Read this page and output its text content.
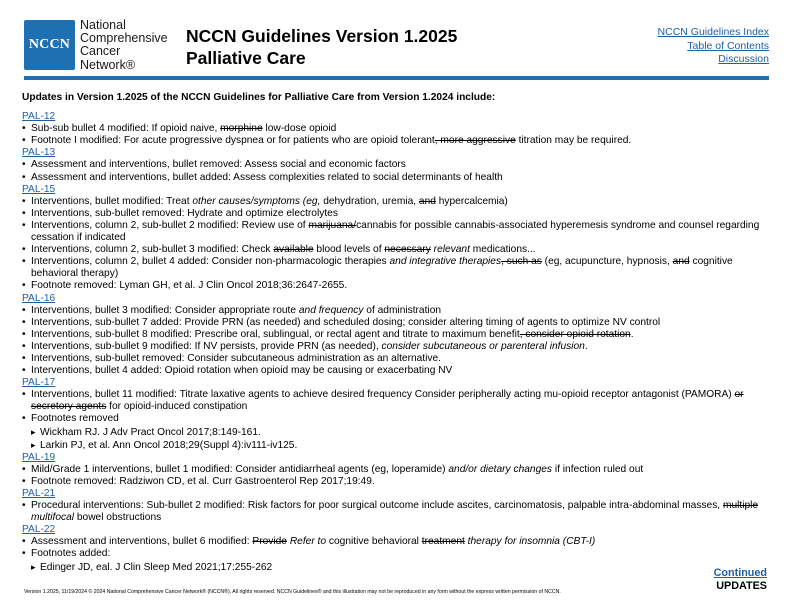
NCCN
National
Comprehensive
Cancer
Network®
NCCN Guidelines Version 1.2025
Palliative Care
NCCN Guidelines Index
Table of Contents
Discussion
Updates in Version 1.2025 of the NCCN Guidelines for Palliative Care from Version 1.2024 include:
PAL-12
• Sub-sub bullet 4 modified: If opioid naive, morphine low-dose opioid
• Footnote I modified: For acute progressive dyspnea or for patients who are opioid tolerant, more aggressive titration may be required.
PAL-13
• Assessment and interventions, bullet removed: Assess social and economic factors
• Assessment and interventions, bullet added: Assess complexities related to social determinants of health
PAL-15
• Interventions, bullet modified: Treat other causes/symptoms (eg, dehydration, uremia, and hypercalcemia)
• Interventions, sub-bullet removed: Hydrate and optimize electrolytes
• Interventions, column 2, sub-bullet 2 modified: Review use of marijuana/cannabis for possible cannabis-associated hyperemesis syndrome and counsel regarding cessation if indicated
• Interventions, column 2, sub-bullet 3 modified: Check available blood levels of necessary relevant medications...
• Interventions, column 2, bullet 4 added: Consider non-pharmacologic therapies and integrative therapies, such as (eg, acupuncture, hypnosis, and cognitive behavioral therapy)
• Footnote removed: Lyman GH, et al. J Clin Oncol 2018;36:2647-2655.
PAL-16
• Interventions, bullet 3 modified: Consider appropriate route and frequency of administration
• Interventions, sub-bullet 7 added: Provide PRN (as needed) and scheduled dosing; consider altering timing of agents to optimize NV control
• Interventions, sub-bullet 8 modified: Prescribe oral, sublingual, or rectal agent and titrate to maximum benefit, consider opioid rotation.
• Interventions, sub-bullet 9 modified: If NV persists, provide PRN (as needed), consider subcutaneous or parenteral infusion.
• Interventions, sub-bullet removed: Consider subcutaneous administration as an alternative.
• Interventions, bullet 4 added: Opioid rotation when opioid may be causing or exacerbating NV
PAL-17
• Interventions, bullet 11 modified: Titrate laxative agents to achieve desired frequency Consider peripherally acting mu-opioid receptor antagonist (PAMORA) or secretory agents for opioid-induced constipation
• Footnotes removed
▸ Wickham RJ. J Adv Pract Oncol 2017;8:149-161.
▸ Larkin PJ, et al. Ann Oncol 2018;29(Suppl 4):iv111-iv125.
PAL-19
• Mild/Grade 1 interventions, bullet 1 modified: Consider antidiarrheal agents (eg, loperamide) and/or dietary changes if infection ruled out
• Footnote removed: Radziwon CD, et al. Curr Gastroenterol Rep 2017;19:49.
PAL-21
• Procedural interventions: Sub-bullet 2 modified: Risk factors for poor surgical outcome include ascites, carcinomatosis, palpable intra-abdominal masses, multiple multifocal bowel obstructions
PAL-22
• Assessment and interventions, bullet 6 modified: Provide Refer to cognitive behavioral treatment therapy for insomnia (CBT-I)
• Footnotes added:
▸ Edinger JD, eal. J Clin Sleep Med 2021;17:255-262	Continued
UPDATES
Version 1.2025, 11/19/2024 © 2024 National Comprehensive Cancer Network® (NCCN®), All rights reserved. NCCN Guidelines® and this illustration may not be reproduced in any form without the express written permission of NCCN.
